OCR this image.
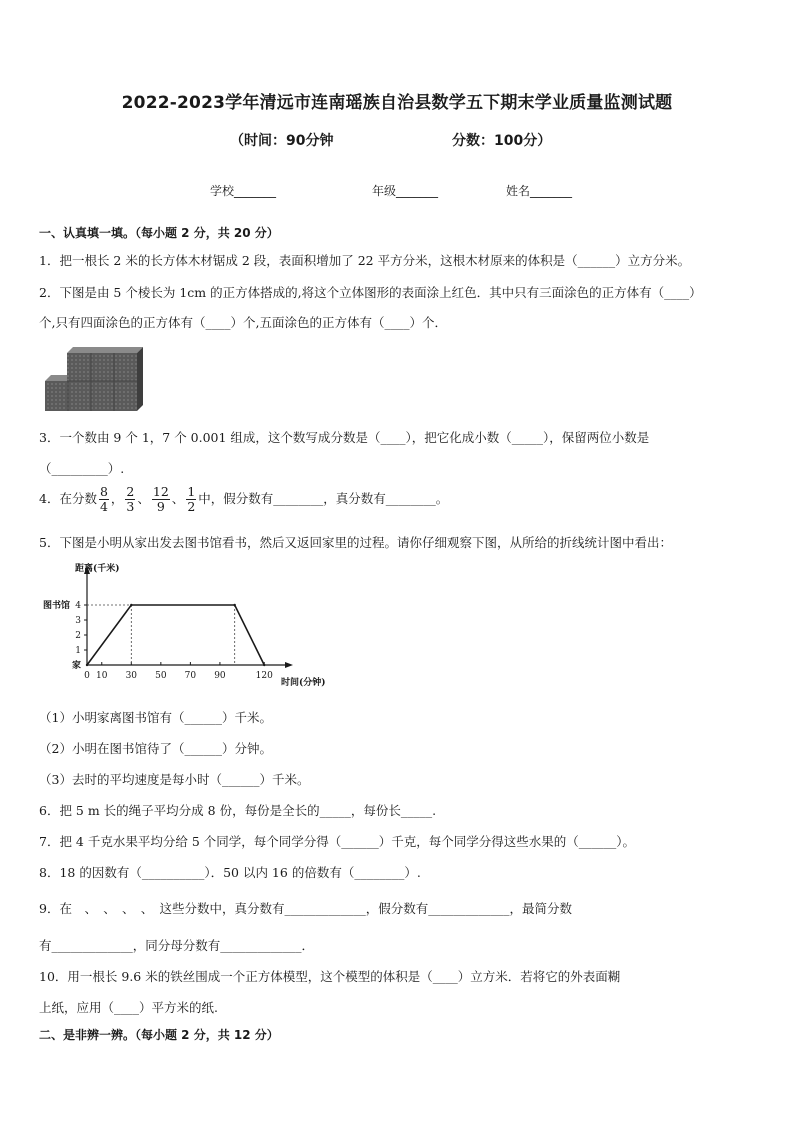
2022-2023学年清远市连南瑶族自治县数学五下期末学业质量监测试题
（时间：90分钟	分数：100分）
学校_______	年级_______	姓名_______
一、认真填一填。（每小题 2 分，共 20 分）
1．把一根长 2 米的长方体木材锯成 2 段，表面积增加了 22 平方分米，这根木材原来的体积是（______）立方分米。
2．下图是由 5 个棱长为 1cm 的正方体搭成的,将这个立体图形的表面涂上红色．其中只有三面涂色的正方体有（____）
个,只有四面涂色的正方体有（____）个,五面涂色的正方体有（____）个．
3．一个数由 9 个 1，7 个 0.001 组成，这个数写成分数是（____），把它化成小数（_____），保留两位小数是
（_________）.
4．在分数 $\frac{8}{4}$ ， $\frac{2}{3}$ 、 $\frac{12}{9}$ 、 $\frac{1}{2}$ 中，假分数有________，真分数有________。
5．下图是小明从家出发去图书馆看书，然后又返回家里的过程。请你仔细观察下图，从所给的折线统计图中看出：
距离(千米)
时间(分钟)
1
2
3
4
图书馆
家
0 10 30 50 70 90	120
（1）小明家离图书馆有（______）千米。
（2）小明在图书馆待了（______）分钟。
（3）去时的平均速度是每小时（______）千米。
6．把 5 m 长的绳子平均分成 8 份，每份是全长的_____，每份长_____.
7．把 4 千克水果平均分给 5 个同学，每个同学分得（______）千克，每个同学分得这些水果的（______）。
8．18 的因数有（__________）．50 以内 16 的倍数有（________）.
9．在　、　、　、　、　这些分数中，真分数有_____________，假分数有_____________，最简分数
有_____________，同分母分数有_____________．
10．用一根长 9.6 米的铁丝围成一个正方体模型，这个模型的体积是（____）立方米．若将它的外表面糊
上纸，应用（____）平方米的纸.
二、是非辨一辨。（每小题 2 分，共 12 分）
